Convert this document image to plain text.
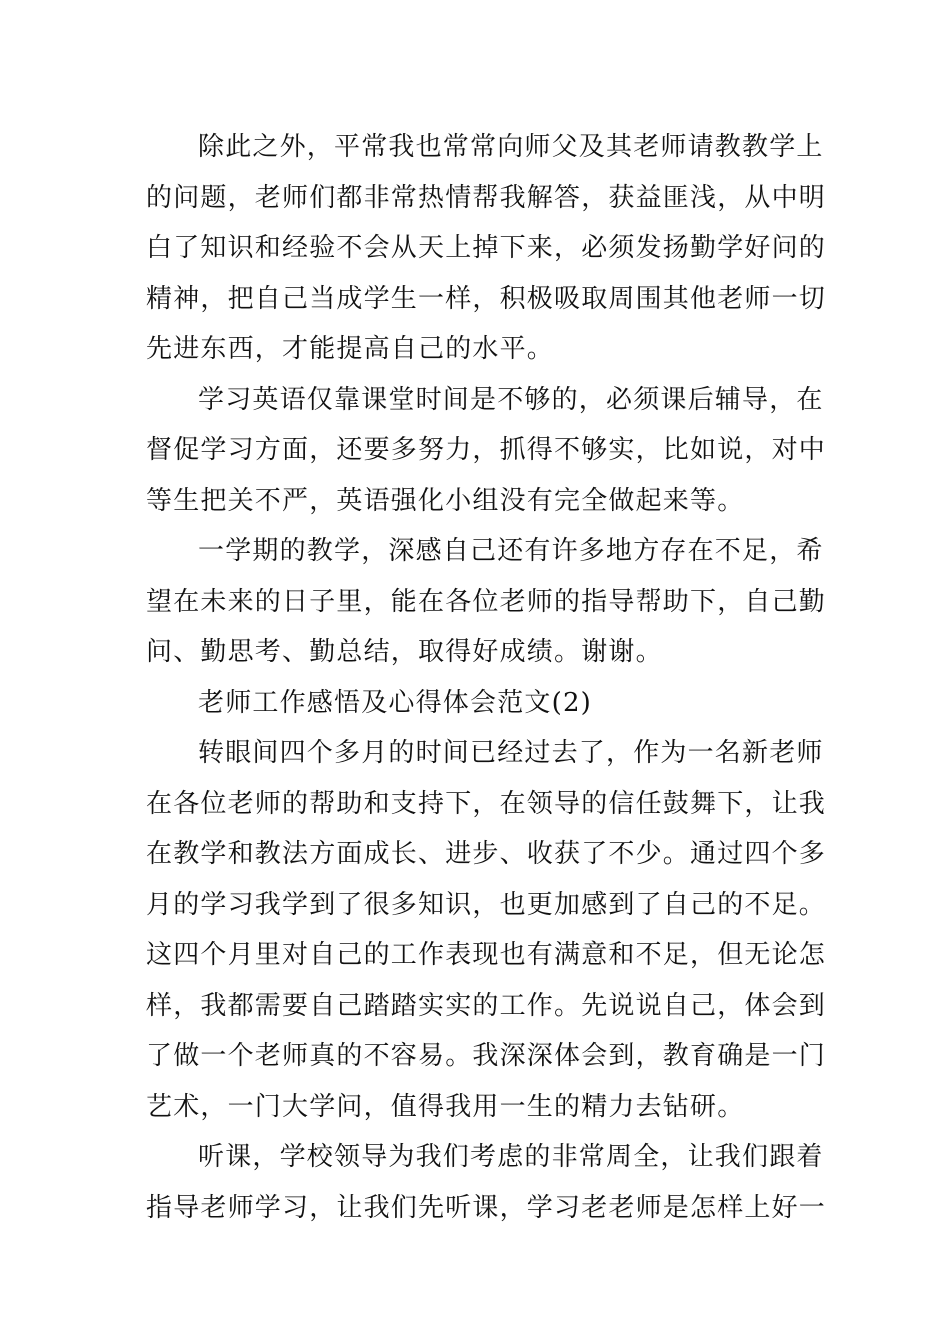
除此之外，平常我也常常向师父及其老师请教教学上
的问题，老师们都非常热情帮我解答，获益匪浅，从中明
白了知识和经验不会从天上掉下来，必须发扬勤学好问的
精神，把自己当成学生一样，积极吸取周围其他老师一切
先进东西，才能提高自己的水平。
学习英语仅靠课堂时间是不够的，必须课后辅导，在
督促学习方面，还要多努力，抓得不够实，比如说，对中
等生把关不严，英语强化小组没有完全做起来等。
一学期的教学，深感自己还有许多地方存在不足，希
望在未来的日子里，能在各位老师的指导帮助下，自己勤
问、勤思考、勤总结，取得好成绩。谢谢。
老师工作感悟及心得体会范文(2)
转眼间四个多月的时间已经过去了，作为一名新老师
在各位老师的帮助和支持下，在领导的信任鼓舞下，让我
在教学和教法方面成长、进步、收获了不少。通过四个多
月的学习我学到了很多知识，也更加感到了自己的不足。
这四个月里对自己的工作表现也有满意和不足，但无论怎
样，我都需要自己踏踏实实的工作。先说说自己，体会到
了做一个老师真的不容易。我深深体会到，教育确是一门
艺术，一门大学问，值得我用一生的精力去钻研。
听课，学校领导为我们考虑的非常周全，让我们跟着
指导老师学习，让我们先听课，学习老老师是怎样上好一
